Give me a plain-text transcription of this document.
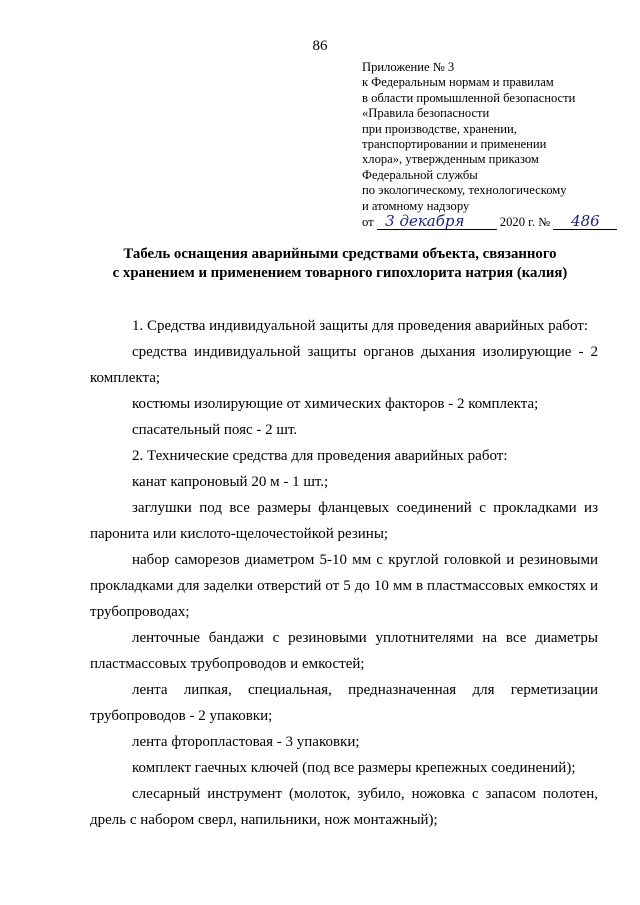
86
Приложение № 3
к Федеральным нормам и правилам
в области промышленной безопасности
«Правила безопасности
при производстве, хранении,
транспортировании и применении
хлора», утвержденным приказом
Федеральной службы
по экологическому, технологическому
и атомному надзору
от
3 декабря	2020 г. №
	486
Табель оснащения аварийными средствами объекта, связанного
с хранением и применением товарного гипохлорита натрия (калия)

1. Средства индивидуальной защиты для проведения аварийных работ:

средства индивидуальной защиты органов дыхания изолирующие - 2 комплекта;

костюмы изолирующие от химических факторов - 2 комплекта;

спасательный пояс - 2 шт.

2. Технические средства для проведения аварийных работ:

канат капроновый 20 м - 1 шт.;

заглушки под все размеры фланцевых соединений с прокладками из паронита или кислото-щелочестойкой резины;

набор саморезов диаметром 5-10 мм с круглой головкой и резиновыми прокладками для заделки отверстий от 5 до 10 мм в пластмассовых емкостях и трубопроводах;

ленточные бандажи с резиновыми уплотнителями на все диаметры пластмассовых трубопроводов и емкостей;

лента липкая, специальная, предназначенная для герметизации трубопроводов - 2 упаковки;

лента фторопластовая - 3 упаковки;

комплект гаечных ключей (под все размеры крепежных соединений);

слесарный инструмент (молоток, зубило, ножовка с запасом полотен, дрель с набором сверл, напильники, нож монтажный);
